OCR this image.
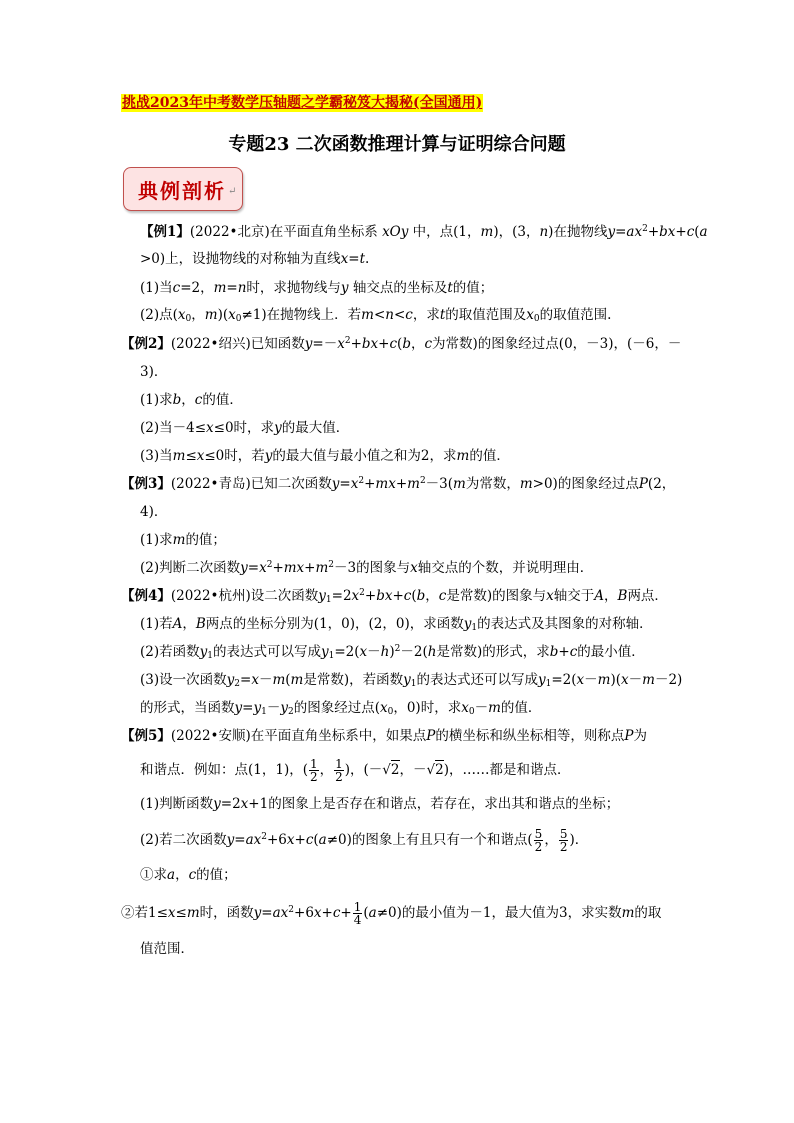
挑战2023年中考数学压轴题之学霸秘笈大揭秘(全国通用)
专题23 二次函数推理计算与证明综合问题
典例剖析 ↵
【例1】(2022•北京)在平面直角坐标系 xOy 中，点(1，m)，(3，n)在抛物线$y=ax^2+bx+c(a$
>0)上，设抛物线的对称轴为直线x=t.
(1)当c=2，m=n时，求抛物线与y 轴交点的坐标及t的值；
(2)点($x_0$，$m)(x_0\ne 1)$在抛物线上．若m<n<c，求t的取值范围及$x_0$的取值范围.
【例2】(2022•绍兴)已知函数$y=-x^2+bx+c(b$，c为常数)的图象经过点(0，－3)，(－6，－
3)．
(1)求b，c的值．
(2)当－4≤x≤0时，求y的最大值．
(3)当m≤x≤0时，若y的最大值与最小值之和为2，求m的值．
【例3】(2022•青岛)已知二次函数$y=x^2+mx+m^2-3(m$为常数，m>0)的图象经过点P(2，
4)．
(1)求m的值；
(2)判断二次函数$y=x^2+mx+m^2-3$的图象与x轴交点的个数，并说明理由．
【例4】(2022•杭州)设二次函数$y_1=2x^2+bx+c(b$，c是常数)的图象与x轴交于A，B两点．
(1)若A，B两点的坐标分别为(1，0)，(2，0)，求函数$y_1$的表达式及其图象的对称轴．
(2)若函数$y_1$的表达式可以写成$y_1=2(x-h)^2-2(h$是常数)的形式，求b+c的最小值．
(3)设一次函数$y_2=x-m(m$是常数)，若函数$y_1$的表达式还可以写成$y_1=2(x-m)(x-m-2)$
的形式，当函数$y=y_1-y_2$的图象经过点($x_0$，0)时，求$x_0-m$的值．
【例5】(2022•安顺)在平面直角坐标系中，如果点P的横坐标和纵坐标相等，则称点P为
和谐点．例如：点(1，1)，( $\frac{1}{2}$ ， $\frac{1}{2}$ )，(－√2，－√2)，……都是和谐点．
(1)判断函数y=2x+1的图象上是否存在和谐点，若存在，求出其和谐点的坐标；
(2)若二次函数$y=ax^2+6x+c(a\ne 0)$的图象上有且只有一个和谐点( $\frac{5}{2}$ ， $\frac{5}{2}$ )．
①求a，c的值；
②若1≤x≤m时，函数$y=ax^2+6x+c+ \frac{1}{4} (a\ne 0)$的最小值为－1，最大值为3，求实数m的取
值范围．
